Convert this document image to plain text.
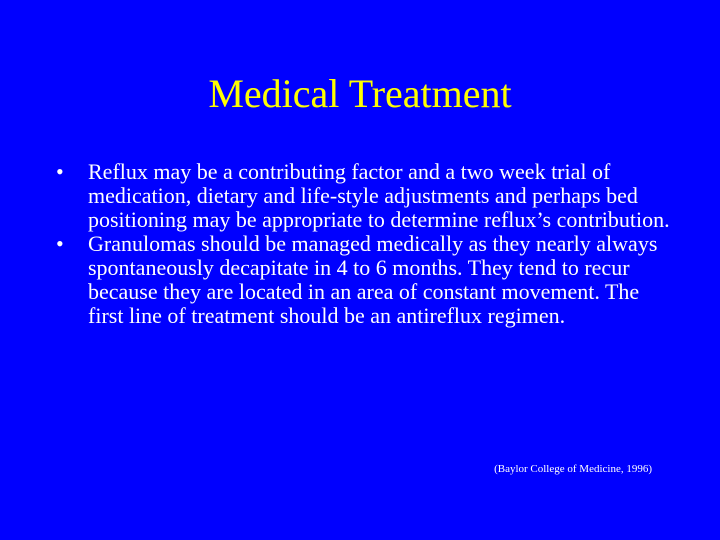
Medical Treatment
•	Reflux may be a contributing factor and a two week trial of medication, dietary and life-style adjustments and perhaps bed positioning may be appropriate to determine reflux’s contribution.
•	Granulomas should be managed medically as they nearly always spontaneously decapitate in 4 to 6 months. They tend to recur because they are located in an area of constant movement. The first line of treatment should be an antireflux regimen.

(Baylor College of Medicine, 1996)
